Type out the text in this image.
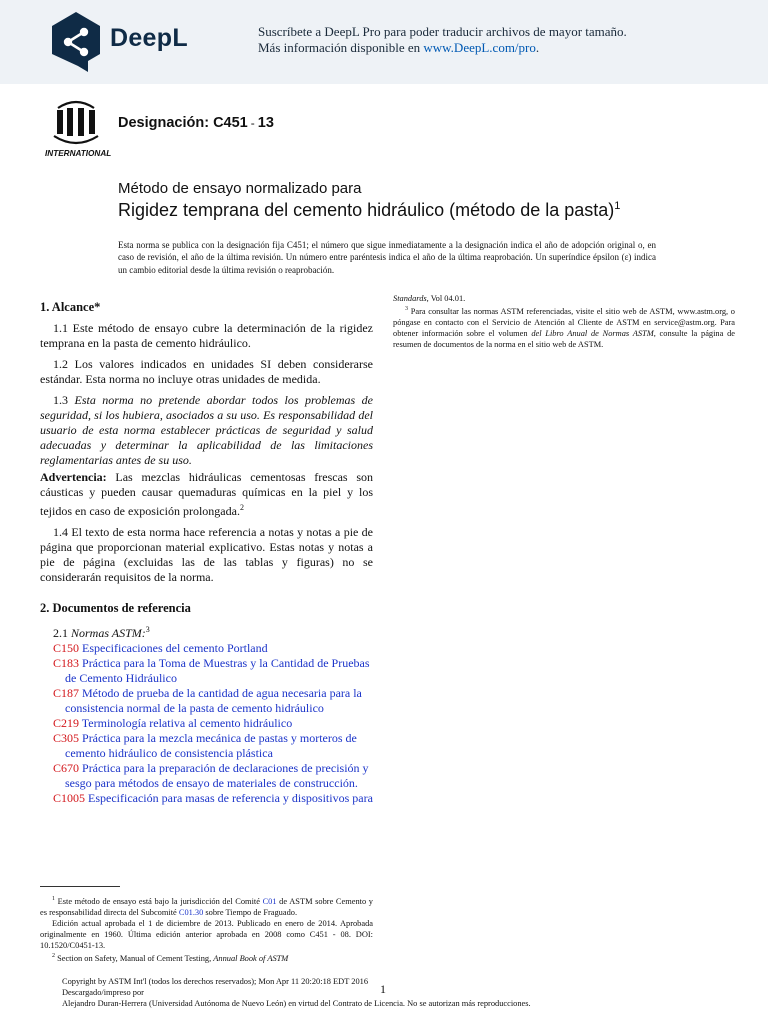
DeepL	Suscríbete a DeepL Pro para poder traducir archivos de mayor tamaño.
Más información disponible en www.DeepL.com/pro.
INTERNATIONAL
Designación: C451 - 13
Método de ensayo normalizado para
Rigidez temprana del cemento hidráulico (método de la pasta)$^1$
Esta norma se publica con la designación fija C451; el número que sigue inmediatamente a la designación indica el año de adopción original o, en caso de revisión, el año de la última revisión. Un número entre paréntesis indica el año de la última reaprobación. Un superíndice épsilon (ε) indica un cambio editorial desde la última revisión o reaprobación.
1. Alcance*

1.1 Este método de ensayo cubre la determinación de la rigidez temprana en la pasta de cemento hidráulico.

1.2 Los valores indicados en unidades SI deben considerarse estándar. Esta norma no incluye otras unidades de medida.

1.3 Esta norma no pretende abordar todos los problemas de seguridad, si los hubiera, asociados a su uso. Es responsabilidad del usuario de esta norma establecer prácticas de seguridad y salud adecuadas y determinar la aplicabilidad de las limitaciones reglamentarias antes de su uso.

Advertencia: Las mezclas hidráulicas cementosas frescas son cáusticas y pueden causar quemaduras químicas en la piel y los tejidos en caso de exposición prolongada.$^2$

1.4 El texto de esta norma hace referencia a notas y notas a pie de página que proporcionan material explicativo. Estas notas y notas a pie de página (excluidas las de las tablas y figuras) no se considerarán requisitos de la norma.

2. Documentos de referencia

2.1 Normas ASTM:$^3$

C150 Especificaciones del cemento Portland

C183 Práctica para la Toma de Muestras y la Cantidad de Pruebas de Cemento Hidráulico

C187 Método de prueba de la cantidad de agua necesaria para la consistencia normal de la pasta de cemento hidráulico

C219 Terminología relativa al cemento hidráulico

C305 Práctica para la mezcla mecánica de pastas y morteros de cemento hidráulico de consistencia plástica

C670 Práctica para la preparación de declaraciones de precisión y sesgo para métodos de ensayo de materiales de construcción.

C1005 Especificación para masas de referencia y dispositivos para

$^1$ Este método de ensayo está bajo la jurisdicción del Comité C01 de ASTM sobre Cemento y es responsabilidad directa del Subcomité C01.30 sobre Tiempo de Fraguado.

Edición actual aprobada el 1 de diciembre de 2013. Publicado en enero de 2014. Aprobada originalmente en 1960. Última edición anterior aprobada en 2008 como C451 - 08. DOI: 10.1520/C0451-13.

$^2$ Section on Safety, Manual of Cement Testing, Annual Book of ASTM

Copyright by ASTM Int'l (todos los derechos reservados); Mon Apr 11 20:20:18 EDT 2016 Descargado/impreso por
Alejandro Duran-Herrera (Universidad Autónoma de Nuevo León) en virtud del Contrato de Licencia. No se autorizan más reproducciones.
1

Standards, Vol 04.01.

$^3$ Para consultar las normas ASTM referenciadas, visite el sitio web de ASTM, www.astm.org, o póngase en contacto con el Servicio de Atención al Cliente de ASTM en service@astm.org. Para obtener información sobre el volumen del Libro Anual de Normas ASTM, consulte la página de resumen de documentos de la norma en el sitio web de ASTM.
